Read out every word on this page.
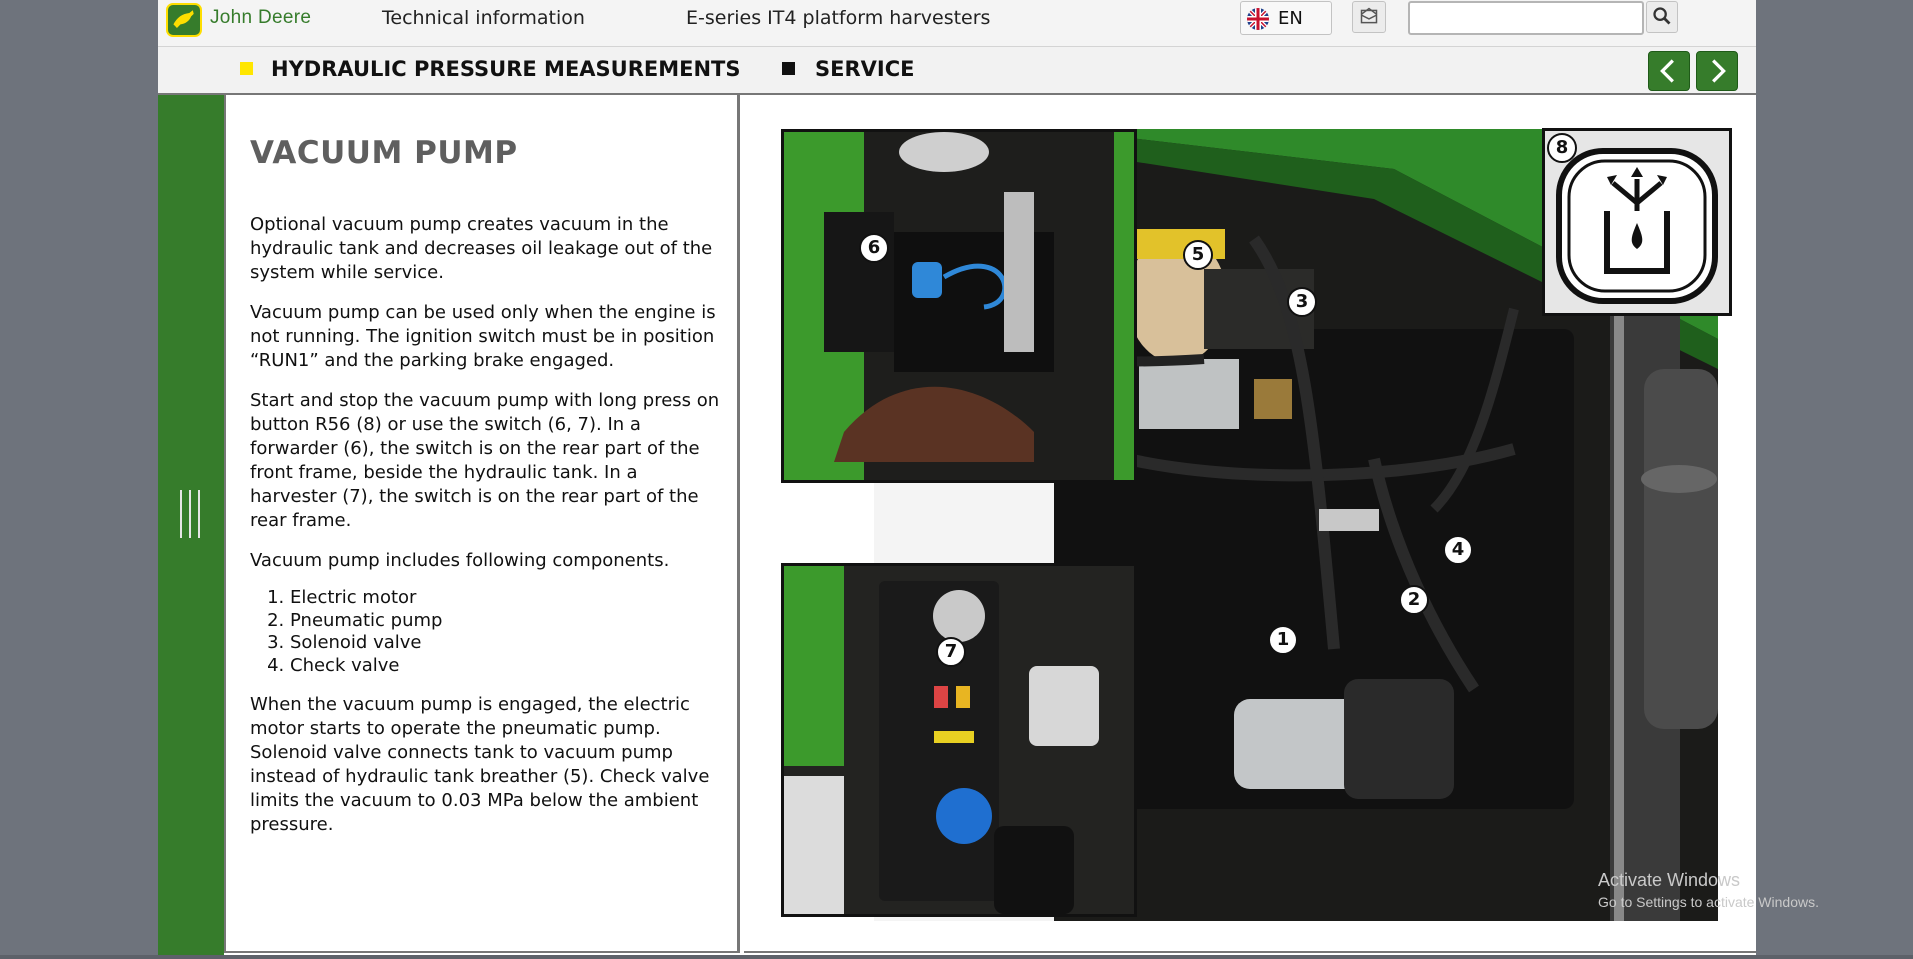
John Deere	Technical information	E-series IT4 platform harvesters	EN
HYDRAULIC PRESSURE MEASUREMENTS	SERVICE
VACUUM PUMP

Optional vacuum pump creates vacuum in the hydraulic tank and decreases oil leakage out of the system while service.

Vacuum pump can be used only when the engine is not running. The ignition switch must be in position “RUN1” and the parking brake engaged.

Start and stop the vacuum pump with long press on button R56 (8) or use the switch (6, 7). In a forwarder (6), the switch is on the rear part of the front frame, beside the hydraulic tank. In a harvester (7), the switch is on the rear part of the rear frame.

Vacuum pump includes following components.

1. Electric motor
2. Pneumatic pump
3. Solenoid valve
4. Check valve

When the vacuum pump is engaged, the electric motor starts to operate the pneumatic pump. Solenoid valve connects tank to vacuum pump instead of hydraulic tank breather (5). Check valve limits the vacuum to 0.03 MPa below the ambient pressure.

1
2
3
4
5
6
7
8
Activate Windows
Go to Settings to activate Windows.
